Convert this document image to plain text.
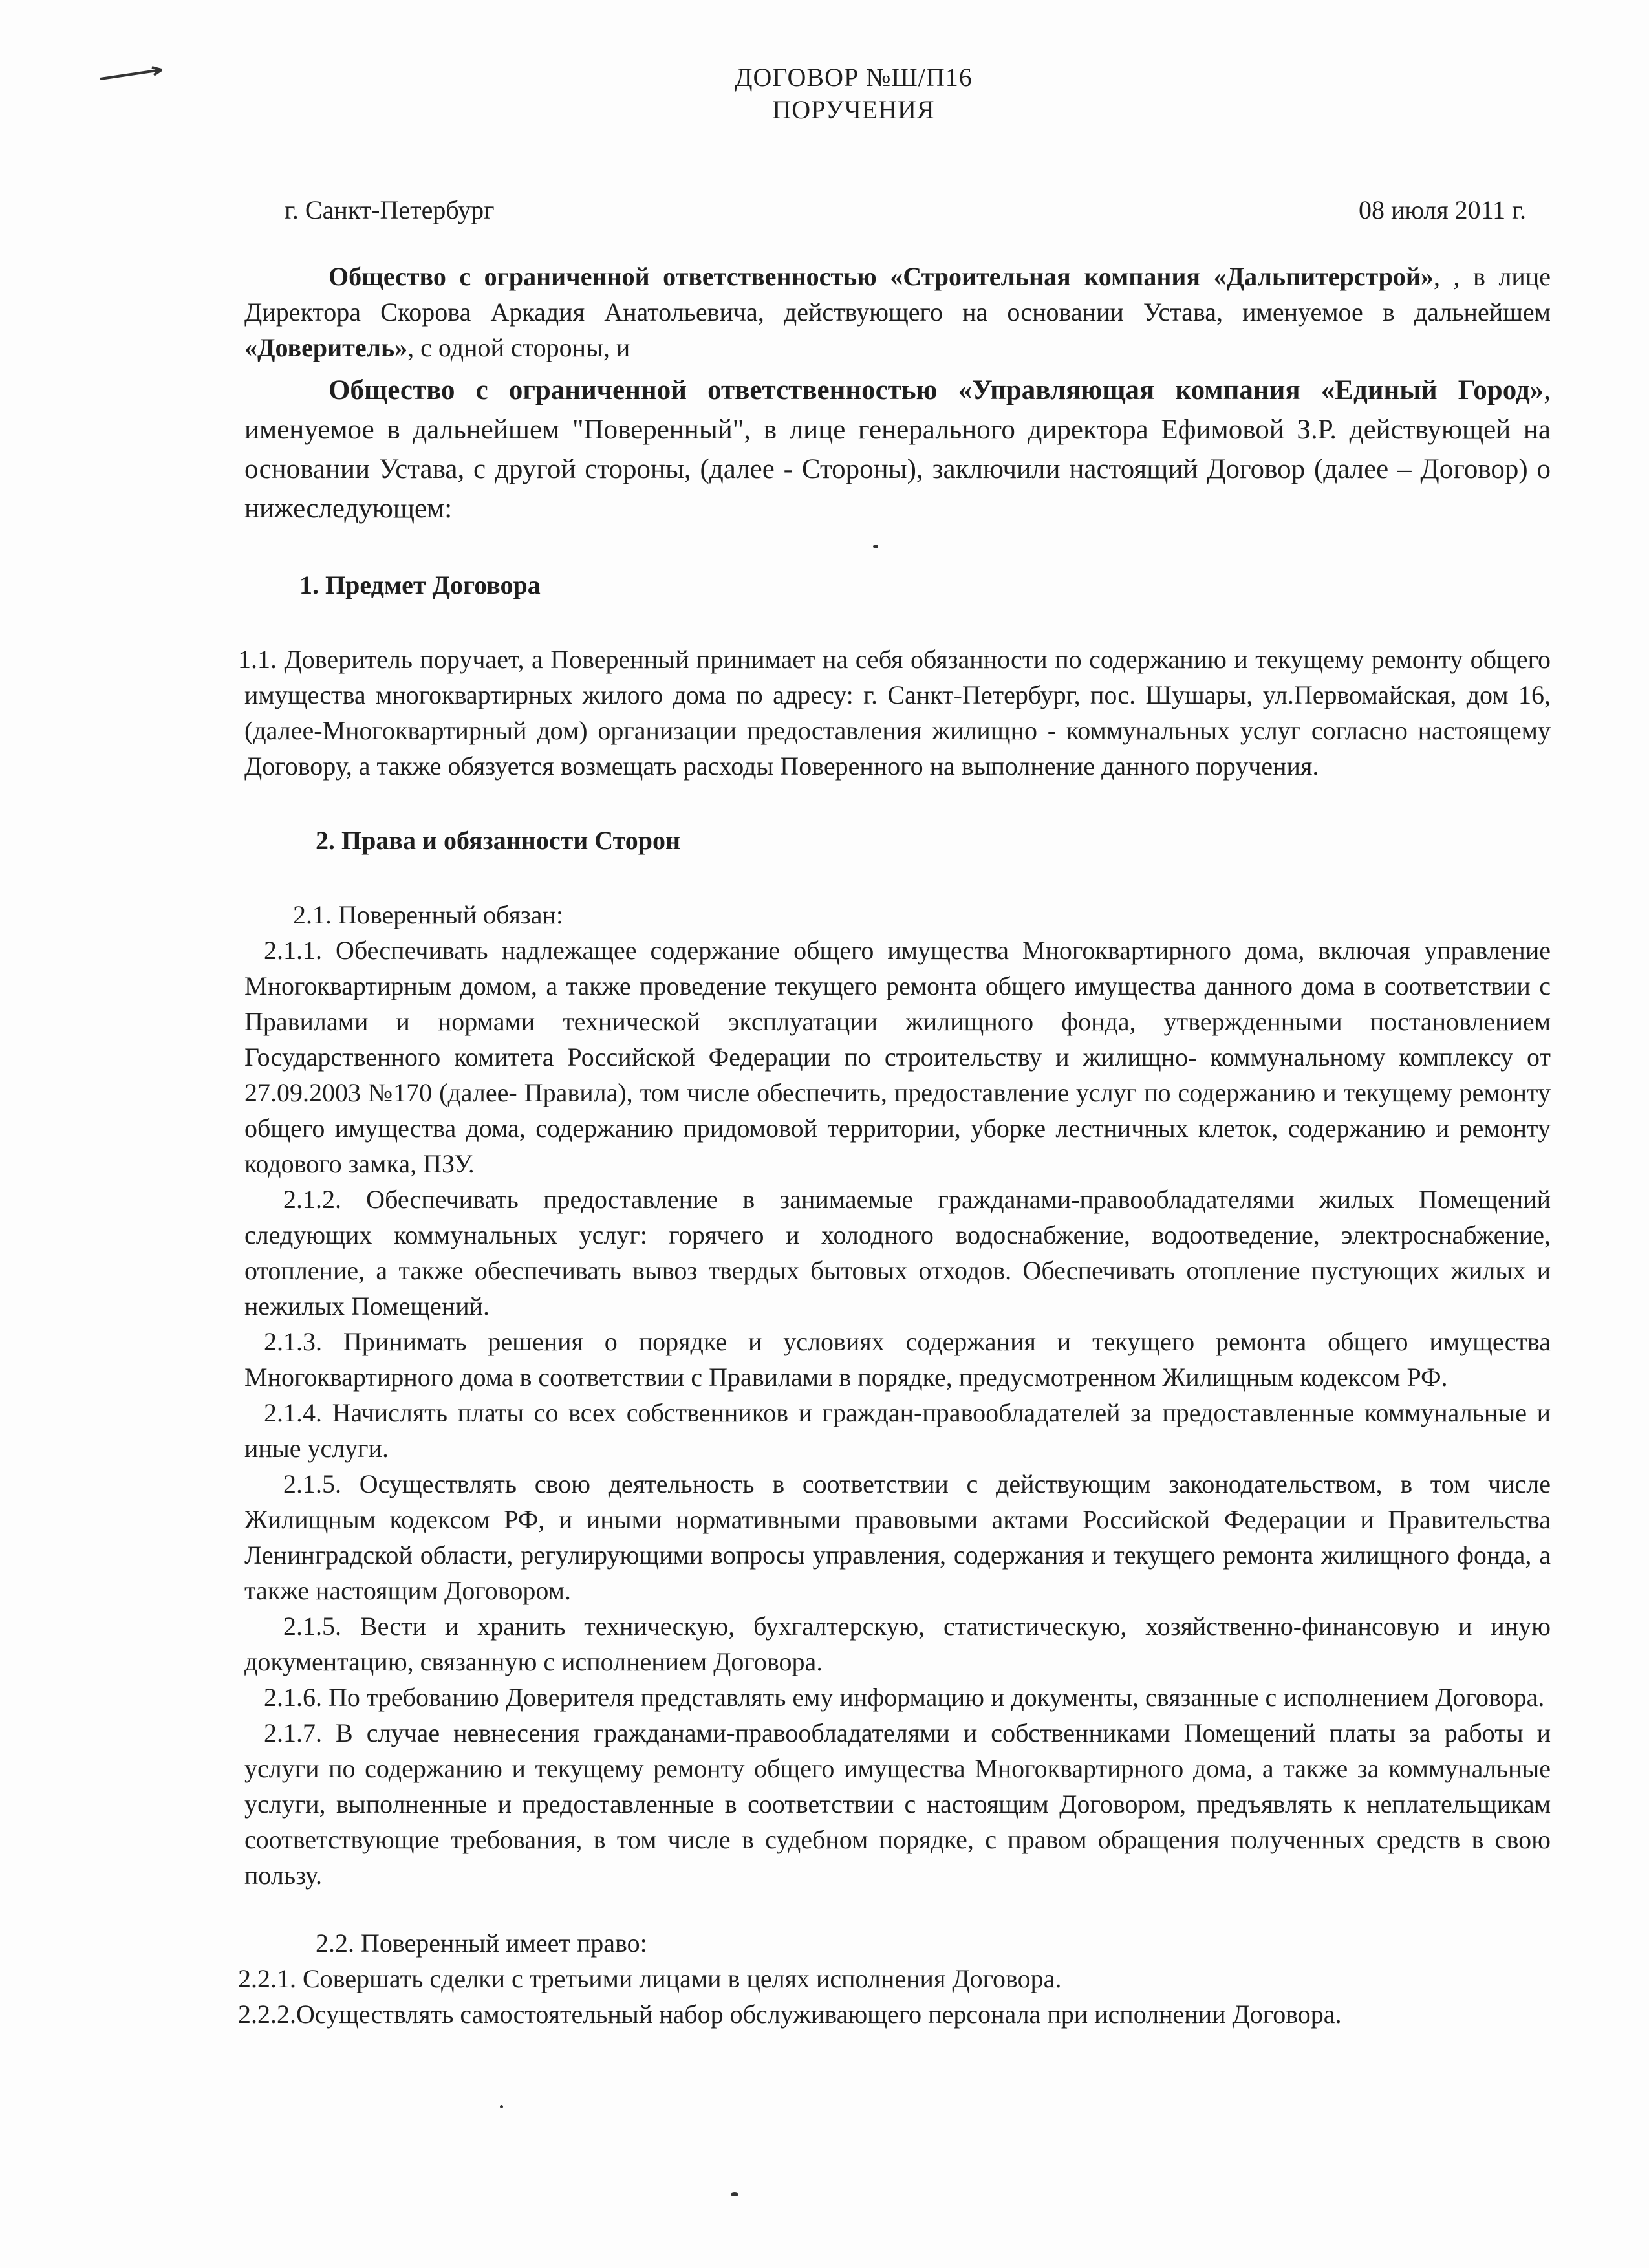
ДОГОВОР №Ш/П16
ПОРУЧЕНИЯ
г. Санкт-Петербург	08 июля 2011 г.

Общество с ограниченной ответственностью «Строительная компания «Дальпитерстрой», , в лице Директора Скорова Аркадия Анатольевича, действующего на основании Устава, именуемое в дальнейшем «Доверитель», с одной стороны, и

Общество с ограниченной ответственностью «Управляющая компания «Единый Город», именуемое в дальнейшем "Поверенный", в лице генерального директора Ефимовой З.Р. действующей на основании Устава, с другой стороны, (далее - Стороны), заключили настоящий Договор (далее – Договор) о нижеследующем:

1. Предмет Договора

1.1. Доверитель поручает, а Поверенный принимает на себя обязанности по содержанию и текущему ремонту общего имущества многоквартирных жилого дома по адресу: г. Санкт-Петербург, пос. Шушары, ул.Первомайская, дом 16, (далее-Многоквартирный дом) организации предоставления жилищно - коммунальных услуг согласно настоящему Договору, а также обязуется возмещать расходы Поверенного на выполнение данного поручения.

2. Права и обязанности Сторон

2.1. Поверенный обязан:

2.1.1. Обеспечивать надлежащее содержание общего имущества Многоквартирного дома, включая управление Многоквартирным домом, а также проведение текущего ремонта общего имущества данного дома в соответствии с Правилами и нормами технической эксплуатации жилищного фонда, утвержденными постановлением Государственного комитета Российской Федерации по строительству и жилищно- коммунальному комплексу от 27.09.2003 №170 (далее- Правила), том числе обеспечить, предоставление услуг по содержанию и текущему ремонту общего имущества дома, содержанию придомовой территории, уборке лестничных клеток, содержанию и ремонту кодового замка, ПЗУ.

2.1.2. Обеспечивать предоставление в занимаемые гражданами-правообладателями жилых Помещений следующих коммунальных услуг: горячего и холодного водоснабжение, водоотведение, электроснабжение, отопление, а также обеспечивать вывоз твердых бытовых отходов. Обеспечивать отопление пустующих жилых и нежилых Помещений.

2.1.3. Принимать решения о порядке и условиях содержания и текущего ремонта общего имущества Многоквартирного дома в соответствии с Правилами в порядке, предусмотренном Жилищным кодексом РФ.

2.1.4. Начислять платы со всех собственников и граждан-правообладателей за предоставленные коммунальные и иные услуги.

2.1.5. Осуществлять свою деятельность в соответствии с действующим законодательством, в том числе Жилищным кодексом РФ, и иными нормативными правовыми актами Российской Федерации и Правительства Ленинградской области, регулирующими вопросы управления, содержания и текущего ремонта жилищного фонда, а также настоящим Договором.

2.1.5. Вести и хранить техническую, бухгалтерскую, статистическую, хозяйственно-финансовую и иную документацию, связанную с исполнением Договора.

2.1.6. По требованию Доверителя представлять ему информацию и документы, связанные с исполнением Договора.

2.1.7. В случае невнесения гражданами-правообладателями и собственниками Помещений платы за работы и услуги по содержанию и текущему ремонту общего имущества Многоквартирного дома, а также за коммунальные услуги, выполненные и предоставленные в соответствии с настоящим Договором, предъявлять к неплательщикам соответствующие требования, в том числе в судебном порядке, с правом обращения полученных средств в свою пользу.

2.2. Поверенный имеет право:

2.2.1. Совершать сделки с третьими лицами в целях исполнения Договора.

2.2.2.Осуществлять самостоятельный набор обслуживающего персонала при исполнении Договора.
